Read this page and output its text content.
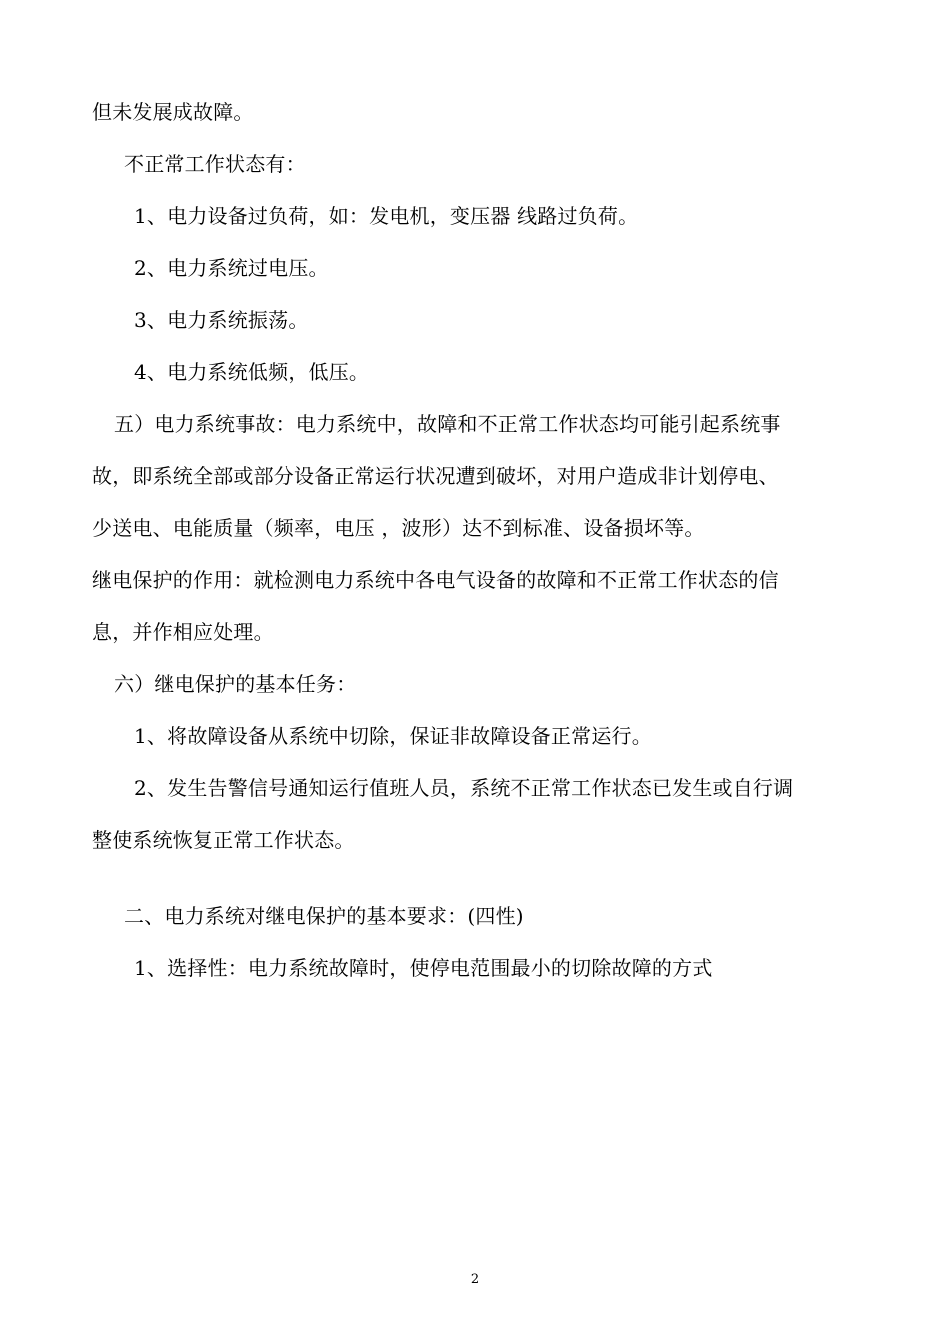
但未发展成故障。
不正常工作状态有：
1、电力设备过负荷，如：发电机，变压器 线路过负荷。
2、电力系统过电压。
3、电力系统振荡。
4、电力系统低频，低压。
五）电力系统事故：电力系统中，故障和不正常工作状态均可能引起系统事
故，即系统全部或部分设备正常运行状况遭到破坏，对用户造成非计划停电、
少送电、电能质量（频率，电压 ，波形）达不到标准、设备损坏等。
继电保护的作用：就检测电力系统中各电气设备的故障和不正常工作状态的信
息，并作相应处理。
六）继电保护的基本任务：
1、将故障设备从系统中切除，保证非故障设备正常运行。
2、发生告警信号通知运行值班人员，系统不正常工作状态已发生或自行调
整使系统恢复正常工作状态。
二、电力系统对继电保护的基本要求：(四性)
1、选择性：电力系统故障时，使停电范围最小的切除故障的方式
2
